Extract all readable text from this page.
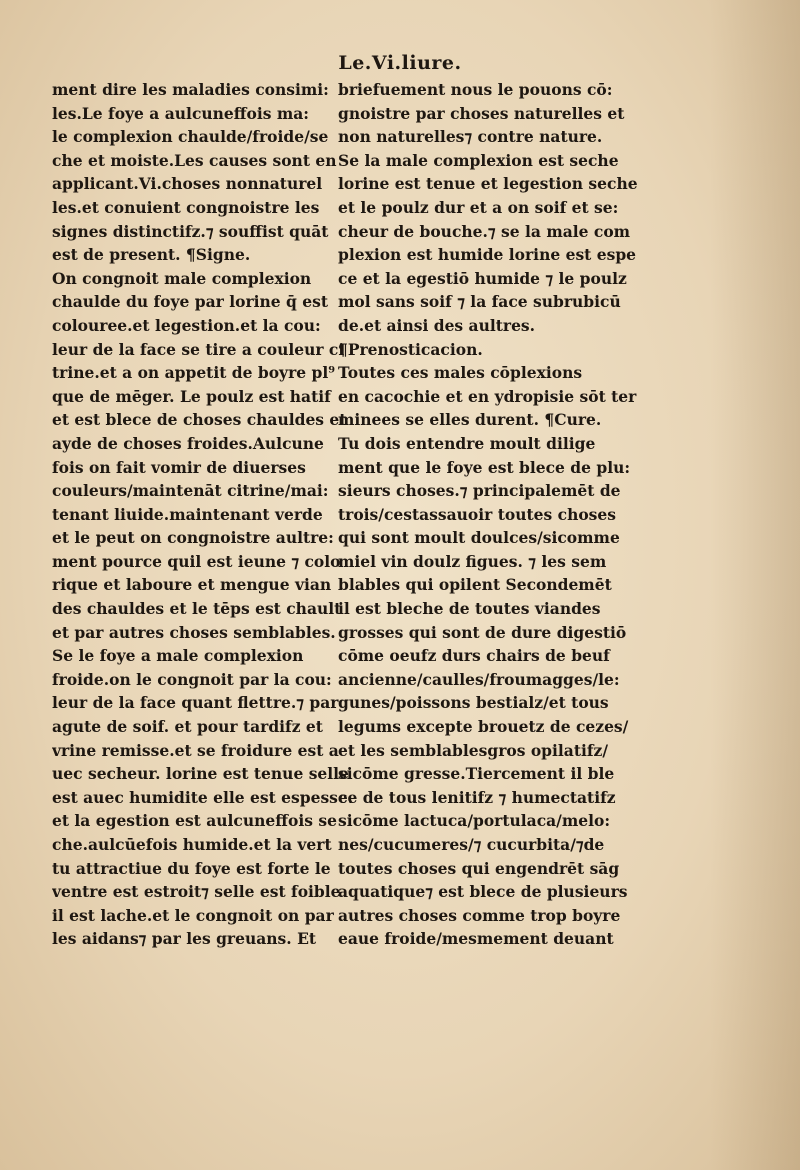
Le.Vi.liure.
ment dire les maladies consimi:
les.Le foye a aulcuneffois ma:
le complexion chaulde/froide/se
che et moiste.Les causes sont en
applicant.Vi.choses nonnaturel
les.et conuient congnoistre les
signes distinctifz.⁊ souffist quāt
est de present. ¶Signe.
On congnoit male complexion
chaulde du foye par lorine q̄ est
colouree.et legestion.et la cou:
leur de la face se tire a couleur ci
trine.et a on appetit de boyre pl⁹
que de mēger. Le poulz est hatif
et est blece de choses chauldes et
ayde de choses froides.Aulcune
fois on fait vomir de diuerses
couleurs/maintenāt citrine/mai:
tenant liuide.maintenant verde
et le peut on congnoistre aultre:
ment pource quil est ieune ⁊ colo
rique et laboure et mengue vian
des chauldes et le tēps est chault
et par autres choses semblables.
Se le foye a male complexion
froide.on le congnoit par la cou:
leur de la face quant flettre.⁊ par
agute de soif. et pour tardifz et
vrine remisse.et se froidure est a
uec secheur. lorine est tenue selle
est auec humidite elle est espesse.
et la egestion est aulcuneffois se
che.aulcūefois humide.et la vert
tu attractiue du foye est forte le
ventre est estroit⁊ selle est foible
il est lache.et le congnoit on par
les aidans⁊ par les greuans. Et
briefuement nous le pouons cō:
gnoistre par choses naturelles et
non naturelles⁊ contre nature.
Se la male complexion est seche
lorine est tenue et legestion seche
et le poulz dur et a on soif et se:
cheur de bouche.⁊ se la male com
plexion est humide lorine est espe
ce et la egestiō humide ⁊ le poulz
mol sans soif ⁊ la face subrubicū
de.et ainsi des aultres.
¶Prenosticacion.
Toutes ces males cōplexions
en cacochie et en ydropisie sōt ter
minees se elles durent. ¶Cure.
Tu dois entendre moult dilige
ment que le foye est blece de plu:
sieurs choses.⁊ principalemēt de
trois/cestassauoir toutes choses
qui sont moult doulces/sicomme
miel vin doulz figues. ⁊ les sem
blables qui opilent Secondemēt
il est bleche de toutes viandes
grosses qui sont de dure digestiō
cōme oeufz durs chairs de beuf
ancienne/caulles/froumagges/le:
gunes/poissons bestialz/et tous
legums excepte brouetz de cezes/
et les semblablesgros opilatifz/
sicōme gresse.Tiercement il ble
ce de tous lenitifz ⁊ humectatifz
sicōme lactuca/portulaca/melo:
nes/cucumeres/⁊ cucurbita/⁊de
toutes choses qui engendrēt sāg
aquatique⁊ est blece de plusieurs
autres choses comme trop boyre
eaue froide/mesmement deuant
